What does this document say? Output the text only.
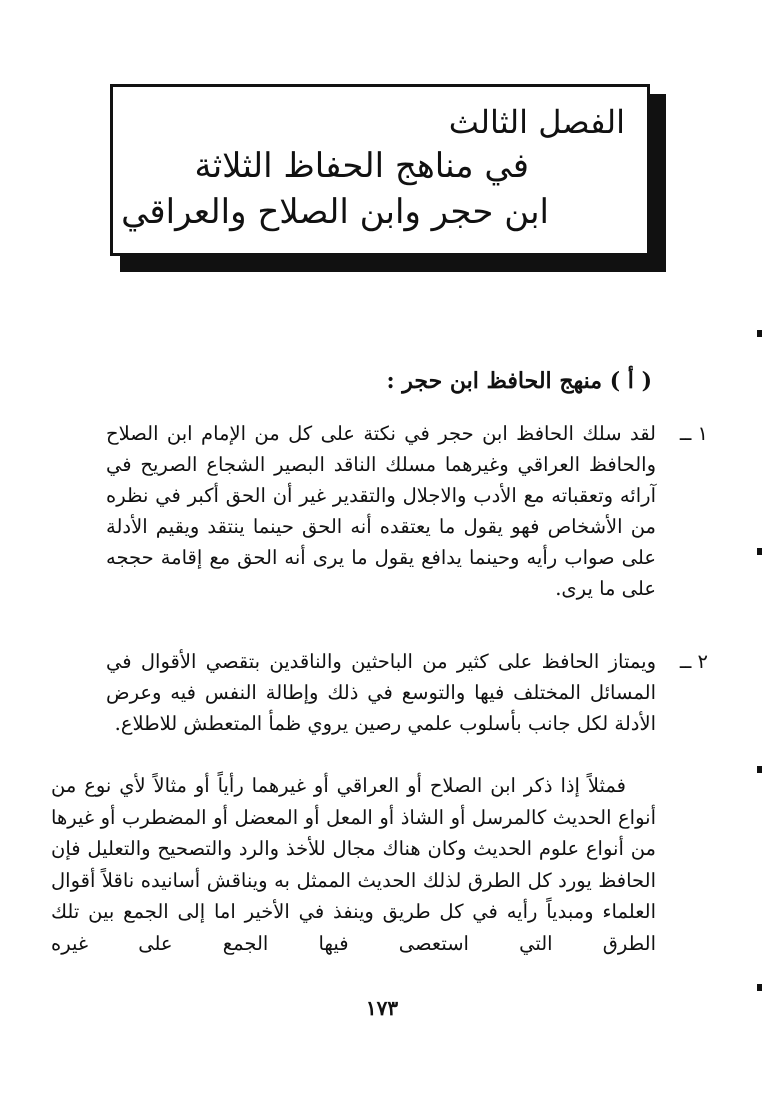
الفصل الثالث
في مناهج الحفاظ الثلاثة
ابن حجر وابن الصلاح والعراقي
( أ ) منهج الحافظ ابن حجر :
١ ــ
لقد سلك الحافظ ابن حجر في نكتة على كل من الإمام ابن الصلاح والحافظ العراقي وغيرهما مسلك الناقد البصير الشجاع الصريح في آرائه وتعقباته مع الأدب والاجلال والتقدير غير أن الحق أكبر في نظره من الأشخاص فهو يقول ما يعتقده أنه الحق حينما ينتقد ويقيم الأدلة على صواب رأيه وحينما يدافع يقول ما يرى أنه الحق مع إقامة حججه على ما يرى.
٢ ــ
ويمتاز الحافظ على كثير من الباحثين والناقدين بتقصي الأقوال في المسائل المختلف فيها والتوسع في ذلك وإطالة النفس فيه وعرض الأدلة لكل جانب بأسلوب علمي رصين يروي ظمأ المتعطش للاطلاع.
فمثلاً إذا ذكر ابن الصلاح أو العراقي أو غيرهما رأياً أو مثالاً لأي نوع من أنواع الحديث كالمرسل أو الشاذ أو المعل أو المعضل أو المضطرب أو غيرها من أنواع علوم الحديث وكان هناك مجال للأخذ والرد والتصحيح والتعليل فإن الحافظ يورد كل الطرق لذلك الحديث الممثل به ويناقش أسانيده ناقلاً أقوال العلماء ومبدياً رأيه في كل طريق وينفذ في الأخير اما إلى الجمع بين تلك الطرق التي استعصى فيها الجمع على غيره
١٧٣
